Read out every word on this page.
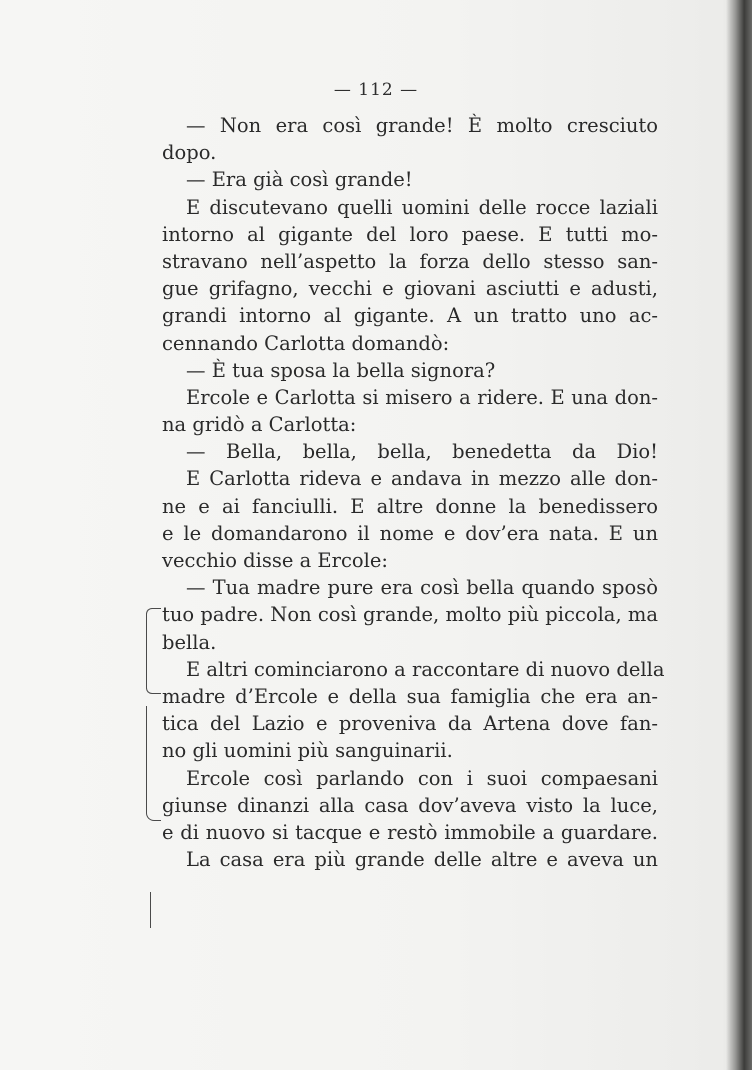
— 112 —
— Non era così grande! È molto cresciuto
dopo.
— Era già così grande!
E discutevano quelli uomini delle rocce laziali
intorno al gigante del loro paese. E tutti mo-
stravano nell’aspetto la forza dello stesso san-
gue grifagno, vecchi e giovani asciutti e adusti,
grandi intorno al gigante. A un tratto uno ac-
cennando Carlotta domandò:
— È tua sposa la bella signora?
Ercole e Carlotta si misero a ridere. E una don-
na gridò a Carlotta:
— Bella, bella, bella, benedetta da Dio!
E Carlotta rideva e andava in mezzo alle don-
ne e ai fanciulli. E altre donne la benedissero
e le domandarono il nome e dov’era nata. E un
vecchio disse a Ercole:
— Tua madre pure era così bella quando sposò
tuo padre. Non così grande, molto più piccola, ma
bella.
E altri cominciarono a raccontare di nuovo della
madre d’Ercole e della sua famiglia che era an-
tica del Lazio e proveniva da Artena dove fan-
no gli uomini più sanguinarii.
Ercole così parlando con i suoi compaesani
giunse dinanzi alla casa dov’aveva visto la luce,
e di nuovo si tacque e restò immobile a guardare.
La casa era più grande delle altre e aveva un
